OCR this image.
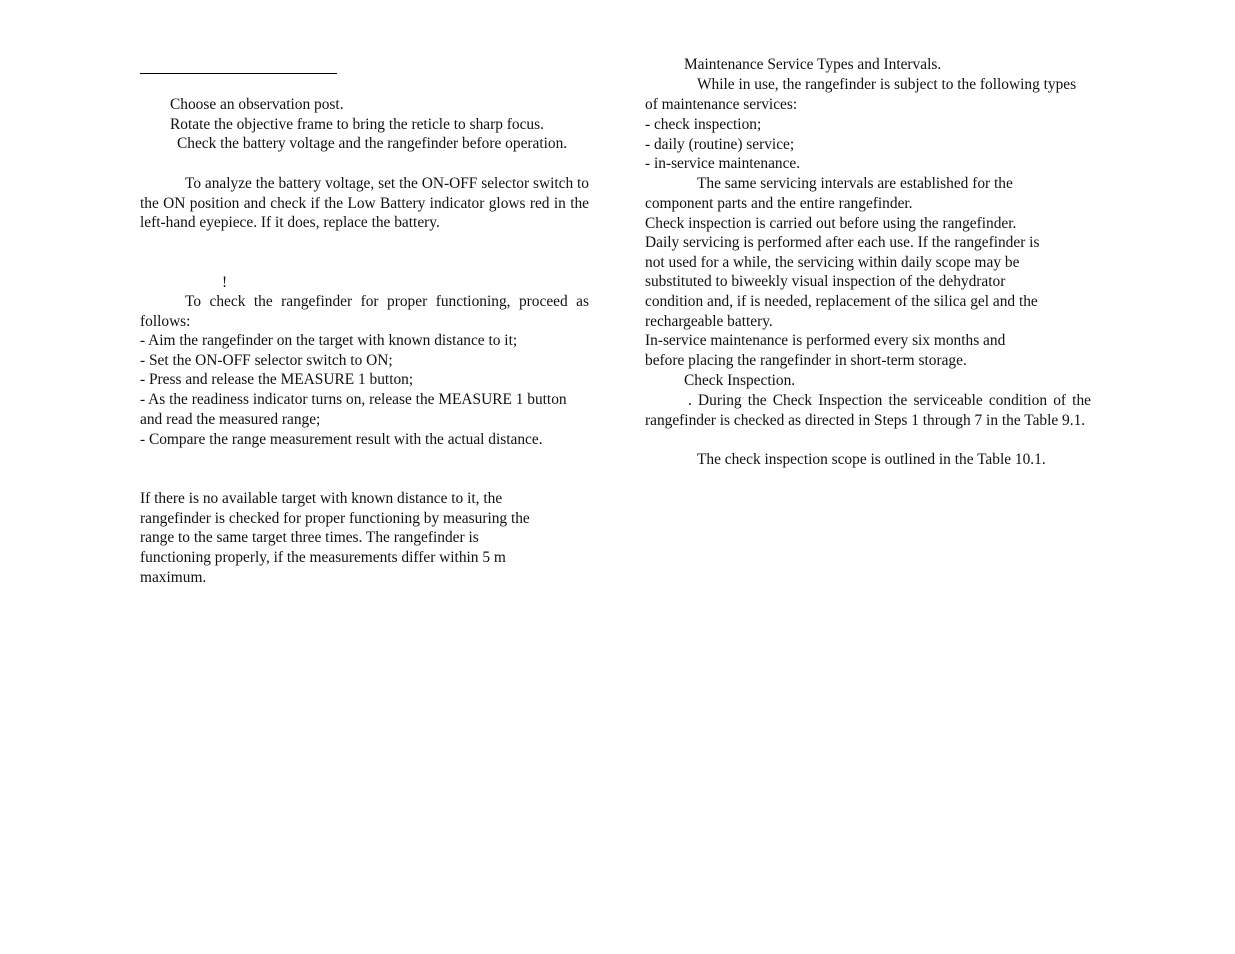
Choose an observation post.

Rotate the objective frame to bring the reticle to sharp focus.

Check the battery voltage and the rangefinder before operation.

To analyze the battery voltage, set the ON-OFF selector switch to the ON position and check if the Low Battery indicator glows red in the left-hand eyepiece. If it does, replace the battery.

!

To check the rangefinder for proper functioning, proceed as follows:

- Aim the rangefinder on the target with known distance to it;
- Set the ON-OFF selector switch to ON;
- Press and release the MEASURE 1 button;
- As the readiness indicator turns on, release the MEASURE 1 button and read the measured range;
- Compare the range measurement result with the actual distance.
If there is no available target with known distance to it, the
rangefinder is checked for proper functioning by measuring the
range to the same target three times. The rangefinder is
functioning properly, if the measurements differ within 5 m
maximum.

Maintenance Service Types and Intervals.

While in use, the rangefinder is subject to the following types of maintenance services:

- check inspection;
- daily (routine) service;
- in-service maintenance.
The same servicing intervals are established for the
component parts and the entire rangefinder.

Check inspection is carried out before using the rangefinder.

Daily servicing is performed after each use. If the rangefinder is
not used for a while, the servicing within daily scope may be
substituted to biweekly visual inspection of the dehydrator
condition and, if is needed, replacement of the silica gel and the
rechargeable battery.
In-service maintenance is performed every six months and
before placing the rangefinder in short-term storage.

Check Inspection.

. During the Check Inspection the serviceable condition of the rangefinder is checked as directed in Steps 1 through 7 in the Table 9.1.

The check inspection scope is outlined in the Table 10.1.
